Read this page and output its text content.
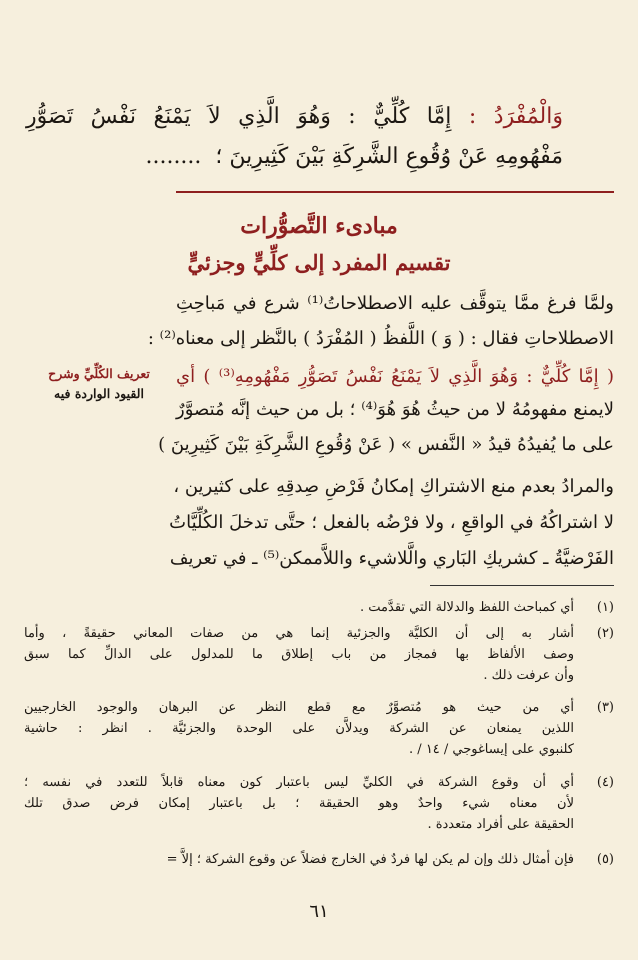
وَالْمُفْرَدُ : إِمَّا كُلِّيٌّ : وَهُوَ الَّذِي لاَ يَمْنَعُ نَفْسُ تَصَوُّرِ
مَفْهُومِهِ عَنْ وُقُوعِ الشَّرِكَةِ بَيْنَ كَثِيرِينَ ؛........
مبادىء التَّصوُّرات
تقسيم المفرد إلى كلِّيٍّ وجزئيٍّ
ولمَّا فرغ ممَّا يتوقَّف عليه الاصطلاحاتُ⁽¹⁾ شرع في مَباحِثِ
الاصطلاحاتِ فقال : ( وَ ) اللَّفظُ ( المُفْرَدُ ) بالنَّظر إلى معناه⁽²⁾ :
( إِمَّا كُلِّيٌّ : وَهُوَ الَّذِي لاَ يَمْنَعُ نَفْسُ تَصَوُّرِ مَفْهُومِهِ⁽³⁾ ) أي
لايمنع مفهومُهُ لا من حيثُ هُوَ هُوَ⁽⁴⁾ ؛ بل من حيث إنَّه مُتصوَّرٌ
على ما يُفيدُهُ قيدُ « النَّفس » ( عَنْ وُقُوعِ الشَّرِكَةِ بَيْنَ كَثِيرِينَ )
والمرادُ بعدم منع الاشتراكِ إمكانُ فَرْضِ صِدقِهِ على كثيرين ،
لا اشتراكُهُ في الواقعِ ، ولا فرْضُه بالفعل ؛ حتَّى تدخلَ الكُلِّيَّاتُ
الفَرْضيَّةُ ـ كشريكِ البَاري والَّلاشيء واللاَّممكن⁽⁵⁾ ـ في تعريف
تعريف الكُلِّيِّ وشرح
القيود الواردة فيه
(١)
أي كمباحث اللفظ والدلالة التي تقدَّمت .
(٢)
أشار به إلى أن الكليَّة والجزئية إنما هي من صفات المعاني حقيقةً ، وأما
وصف الألفاظ بها فمجاز من باب إطلاق ما للمدلول على الدالِّ كما سبق
وأن عرفت ذلك .
(٣)
أي من حيث هو مُتصوَّرٌ مع قطع النظر عن البرهان والوجود الخارجيين
اللذين يمنعان عن الشركة ويدلاَّن على الوحدة والجزئيَّة . انظر : حاشية
كلنبوي على إيساغوجي / ١٤ / .
(٤)
أي أن وقوع الشركة في الكليِّ ليس باعتبار كون معناه قابلاً للتعدد في نفسه ؛
لأن معناه شيء واحدٌ وهو الحقيقة ؛ بل باعتبار إمكان فرض صدق تلك
الحقيقة على أفراد متعددة .
(٥)
فإن أمثال ذلك وإن لم يكن لها فردٌ في الخارج فضلاً عن وقوع الشركة ؛ إلاَّ =
٦١
